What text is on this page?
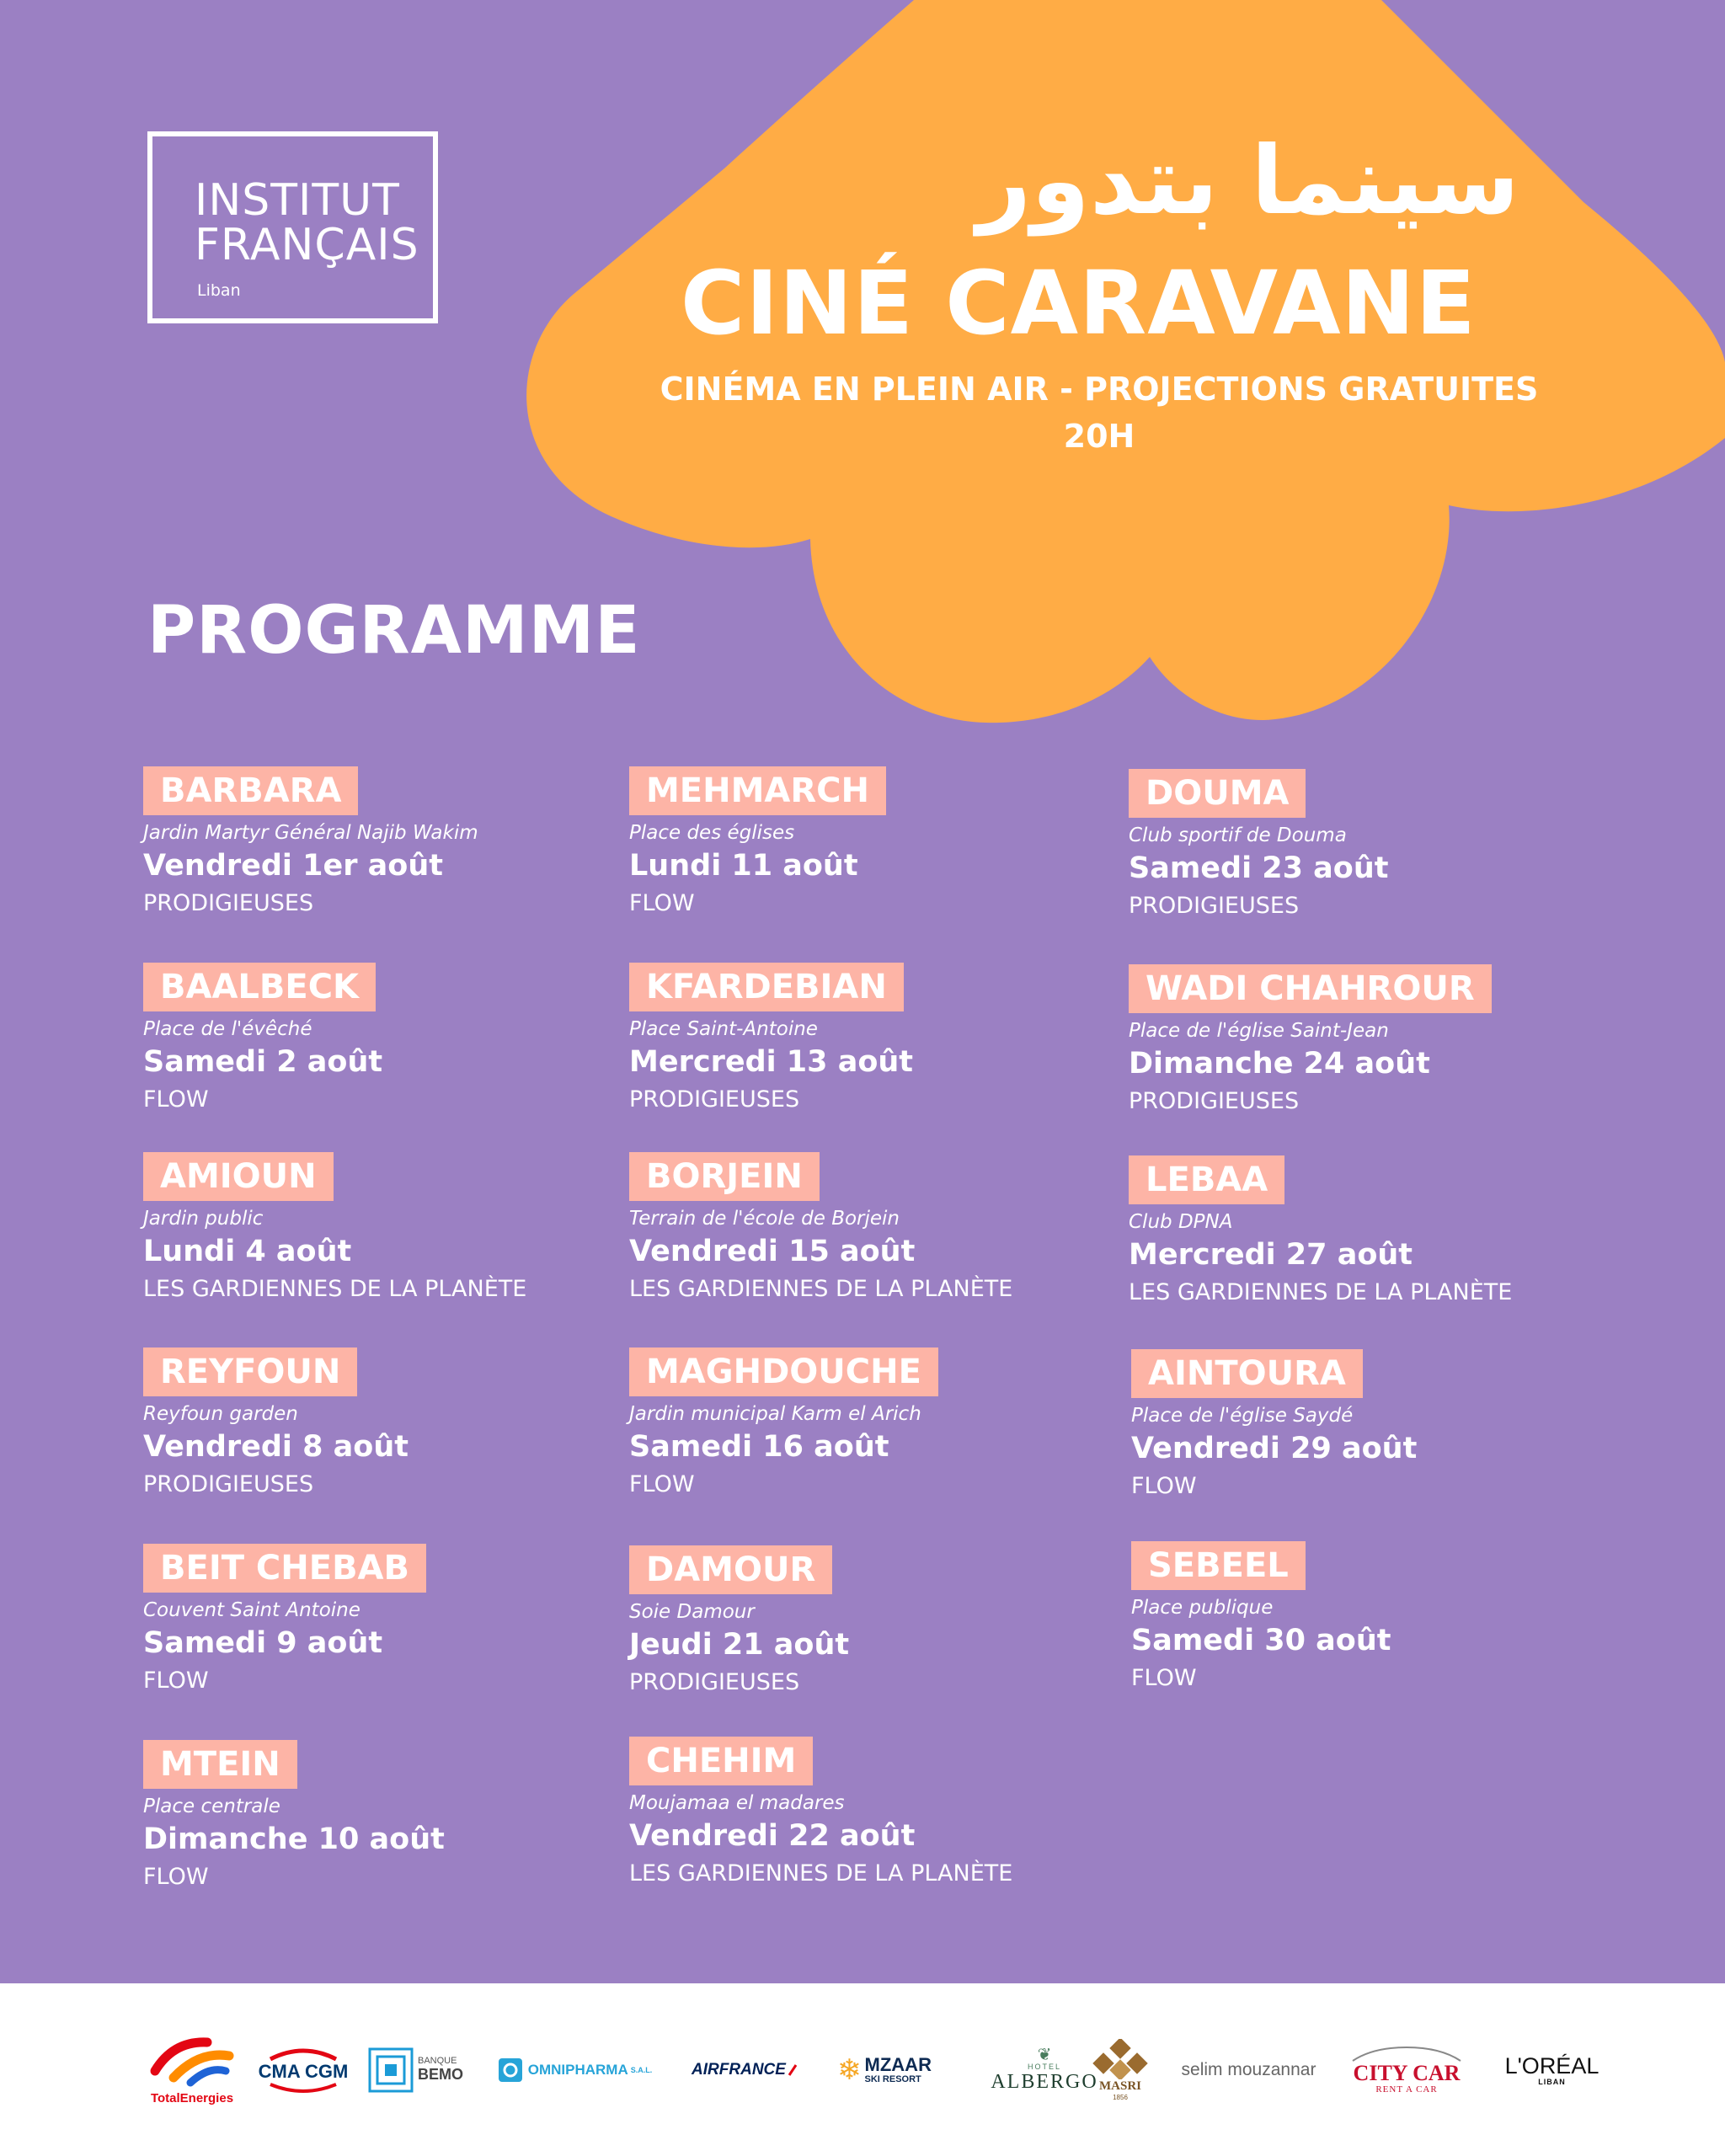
INSTITUT
FRANÇAIS
Liban
سينما بتدور
CINÉ CARAVANE
CINÉMA EN PLEIN AIR - PROJECTIONS GRATUITES
20H
PROGRAMME
BARBARA
Jardin Martyr Général Najib Wakim
Vendredi 1er août
PRODIGIEUSES
BAALBECK
Place de l'évêché
Samedi 2 août
FLOW
AMIOUN
Jardin public
Lundi 4 août
LES GARDIENNES DE LA PLANÈTE
REYFOUN
Reyfoun garden
Vendredi 8 août
PRODIGIEUSES
BEIT CHEBAB
Couvent Saint Antoine
Samedi 9 août
FLOW
MTEIN
Place centrale
Dimanche 10 août
FLOW
MEHMARCH
Place des églises
Lundi 11 août
FLOW
KFARDEBIAN
Place Saint-Antoine
Mercredi 13 août
PRODIGIEUSES
BORJEIN
Terrain de l'école de Borjein
Vendredi 15 août
LES GARDIENNES DE LA PLANÈTE
MAGHDOUCHE
Jardin municipal Karm el Arich
Samedi 16 août
FLOW
DAMOUR
Soie Damour
Jeudi 21 août
PRODIGIEUSES
CHEHIM
Moujamaa el madares
Vendredi 22 août
LES GARDIENNES DE LA PLANÈTE
DOUMA
Club sportif de Douma
Samedi 23 août
PRODIGIEUSES
WADI CHAHROUR
Place de l'église Saint-Jean
Dimanche 24 août
PRODIGIEUSES
LEBAA
Club DPNA
Mercredi 27 août
LES GARDIENNES DE LA PLANÈTE
AINTOURA
Place de l'église Saydé
Vendredi 29 août
FLOW
SEBEEL
Place publique
Samedi 30 août
FLOW
TotalEnergies
CMA CGM	BANQUE
BEMO	OMNIPHARMA S.A.L. AIRFRANCE ❄ MZAAR
SKI RESORT
❦
HOTEL
ALBERGO MASRI
1856
selim mouzannar CITY CAR
RENT A CAR
L'ORÉAL
LIBAN
